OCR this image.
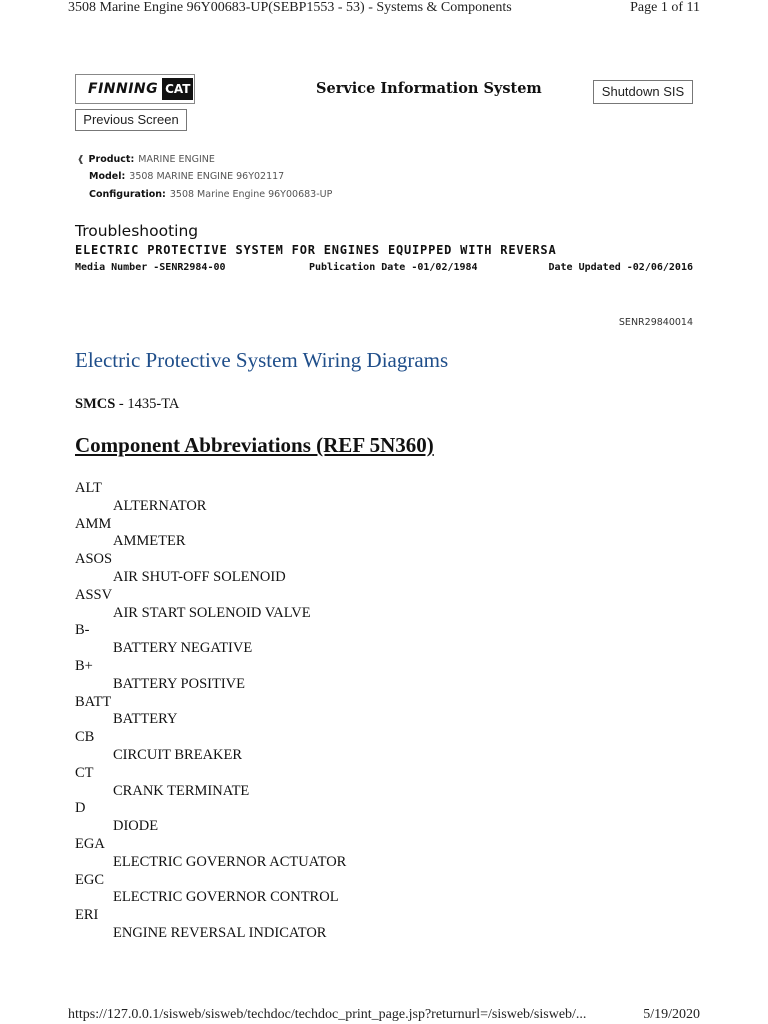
3508 Marine Engine 96Y00683-UP(SEBP1553 - 53) - Systems & Components	Page 1 of 11
FINNING CAT
Previous Screen
Service Information System	Shutdown SIS
❰ Product: MARINE ENGINE
Model: 3508 MARINE ENGINE 96Y02117
Configuration: 3508 Marine Engine 96Y00683-UP
Troubleshooting
ELECTRIC PROTECTIVE SYSTEM FOR ENGINES EQUIPPED WITH REVERSA
Media Number -SENR2984-00	Publication Date -01/02/1984	Date Updated -02/06/2016
SENR29840014
Electric Protective System Wiring Diagrams
SMCS - 1435-TA
Component Abbreviations (REF 5N360)
ALT
ALTERNATOR
AMM
AMMETER
ASOS
AIR SHUT-OFF SOLENOID
ASSV
AIR START SOLENOID VALVE
B-
BATTERY NEGATIVE
B+
BATTERY POSITIVE
BATT
BATTERY
CB
CIRCUIT BREAKER
CT
CRANK TERMINATE
D
DIODE
EGA
ELECTRIC GOVERNOR ACTUATOR
EGC
ELECTRIC GOVERNOR CONTROL
ERI
ENGINE REVERSAL INDICATOR
https://127.0.0.1/sisweb/sisweb/techdoc/techdoc_print_page.jsp?returnurl=/sisweb/sisweb/...	5/19/2020
